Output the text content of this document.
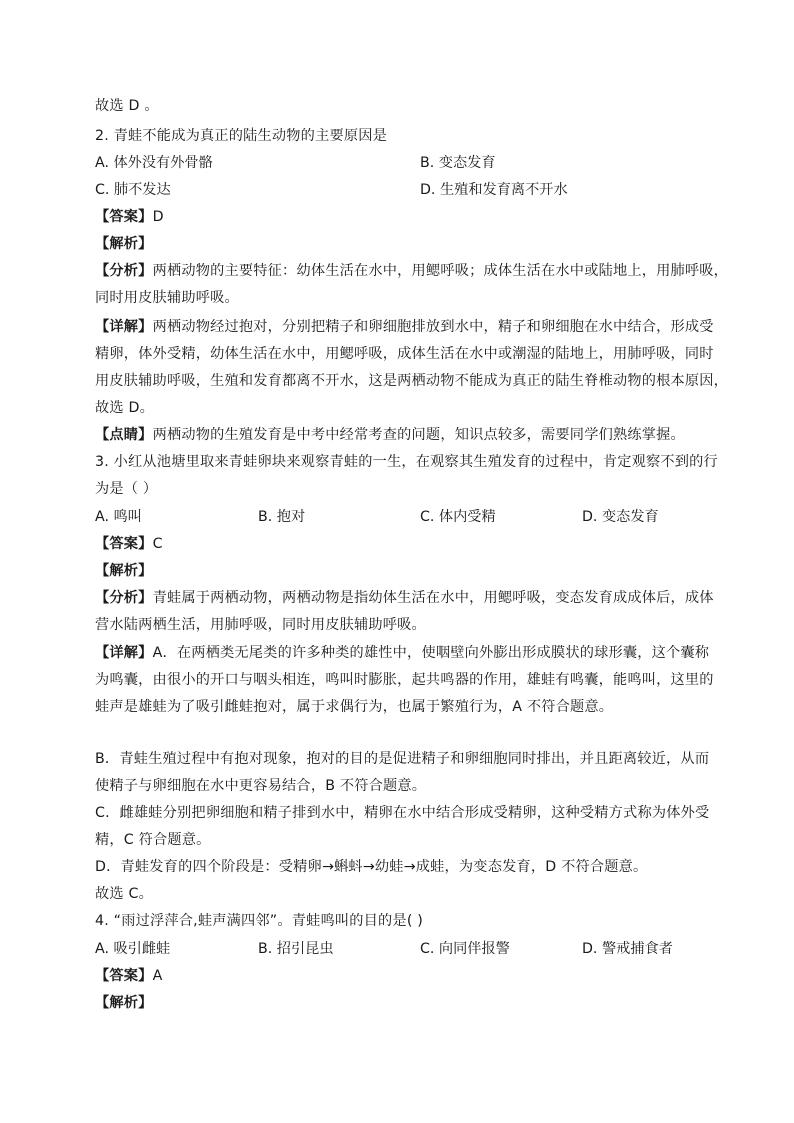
故选 D 。
2. 青蛙不能成为真正的陆生动物的主要原因是
A. 体外没有外骨骼	B. 变态发育
C. 肺不发达	D. 生殖和发育离不开水
【答案】D
【解析】
【分析】两栖动物的主要特征：幼体生活在水中，用鳃呼吸；成体生活在水中或陆地上，用肺呼吸，
同时用皮肤辅助呼吸。
【详解】两栖动物经过抱对，分别把精子和卵细胞排放到水中，精子和卵细胞在水中结合，形成受
精卵，体外受精，幼体生活在水中，用鳃呼吸，成体生活在水中或潮湿的陆地上，用肺呼吸，同时
用皮肤辅助呼吸，生殖和发育都离不开水，这是两栖动物不能成为真正的陆生脊椎动物的根本原因，
故选 D。
【点睛】两栖动物的生殖发育是中考中经常考查的问题，知识点较多，需要同学们熟练掌握。
3. 小红从池塘里取来青蛙卵块来观察青蛙的一生，在观察其生殖发育的过程中，肯定观察不到的行
为是（ ）
A. 鸣叫	B. 抱对	C. 体内受精	D. 变态发育
【答案】C
【解析】
【分析】青蛙属于两栖动物，两栖动物是指幼体生活在水中，用鳃呼吸，变态发育成成体后，成体
营水陆两栖生活，用肺呼吸，同时用皮肤辅助呼吸。
【详解】A．在两栖类无尾类的许多种类的雄性中，使咽壁向外膨出形成膜状的球形囊，这个囊称
为鸣囊，由很小的开口与咽头相连，鸣叫时膨胀，起共鸣器的作用，雄蛙有鸣囊，能鸣叫，这里的
蛙声是雄蛙为了吸引雌蛙抱对，属于求偶行为，也属于繁殖行为，A 不符合题意。
B．青蛙生殖过程中有抱对现象，抱对的目的是促进精子和卵细胞同时排出，并且距离较近，从而
使精子与卵细胞在水中更容易结合，B 不符合题意。
C．雌雄蛙分别把卵细胞和精子排到水中，精卵在水中结合形成受精卵，这种受精方式称为体外受
精，C 符合题意。
D．青蛙发育的四个阶段是：受精卵→蝌蚪→幼蛙→成蛙，为变态发育，D 不符合题意。
故选 C。
4. “雨过浮萍合,蛙声满四邻”。青蛙鸣叫的目的是( )
A. 吸引雌蛙	B. 招引昆虫	C. 向同伴报警	D. 警戒捕食者
【答案】A
【解析】
